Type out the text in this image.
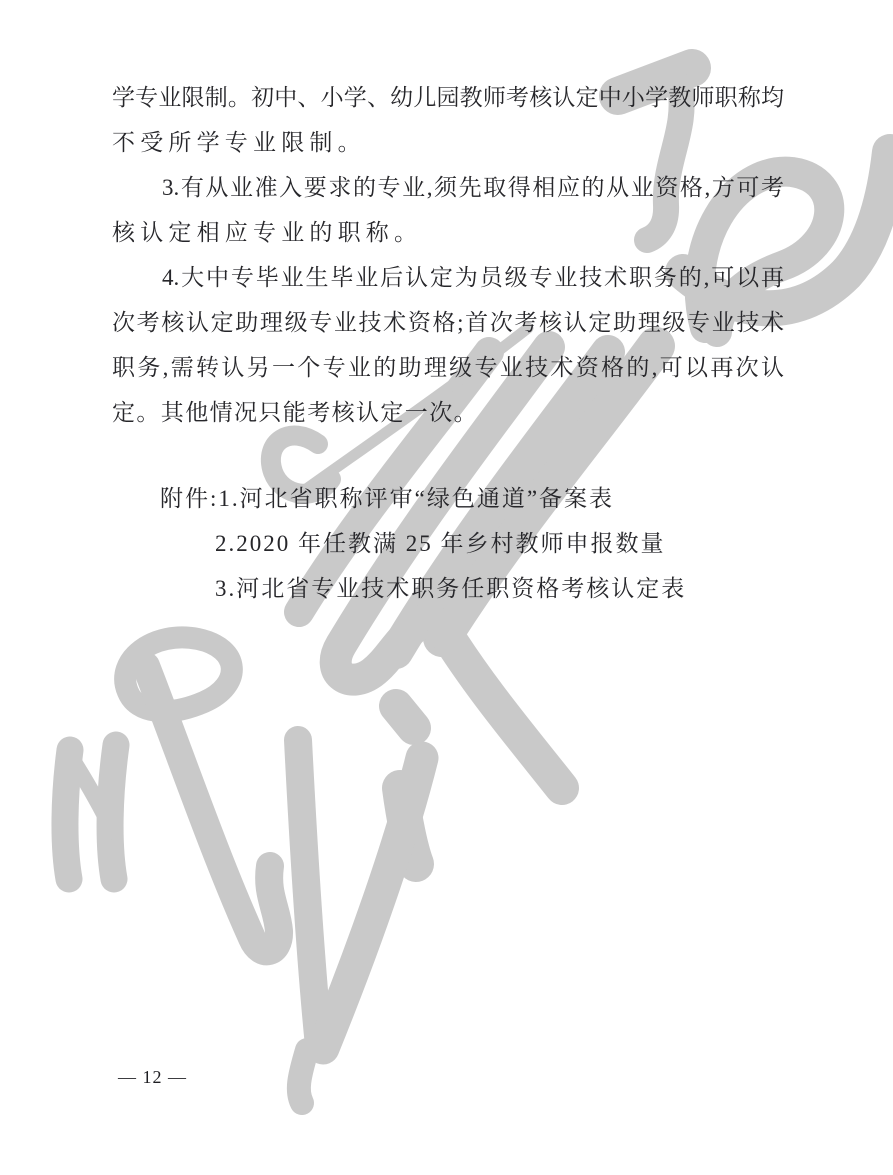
学专业限制。初中、小学、幼儿园教师考核认定中小学教师职称均
不受所学专业限制。
3.有从业准入要求的专业,须先取得相应的从业资格,方可考
核认定相应专业的职称。
4.大中专毕业生毕业后认定为员级专业技术职务的,可以再
次考核认定助理级专业技术资格;首次考核认定助理级专业技术
职务,需转认另一个专业的助理级专业技术资格的,可以再次认
定。其他情况只能考核认定一次。
附件:1.河北省职称评审“绿色通道”备案表
2.2020 年任教满 25 年乡村教师申报数量
3.河北省专业技术职务任职资格考核认定表
— 12 —
